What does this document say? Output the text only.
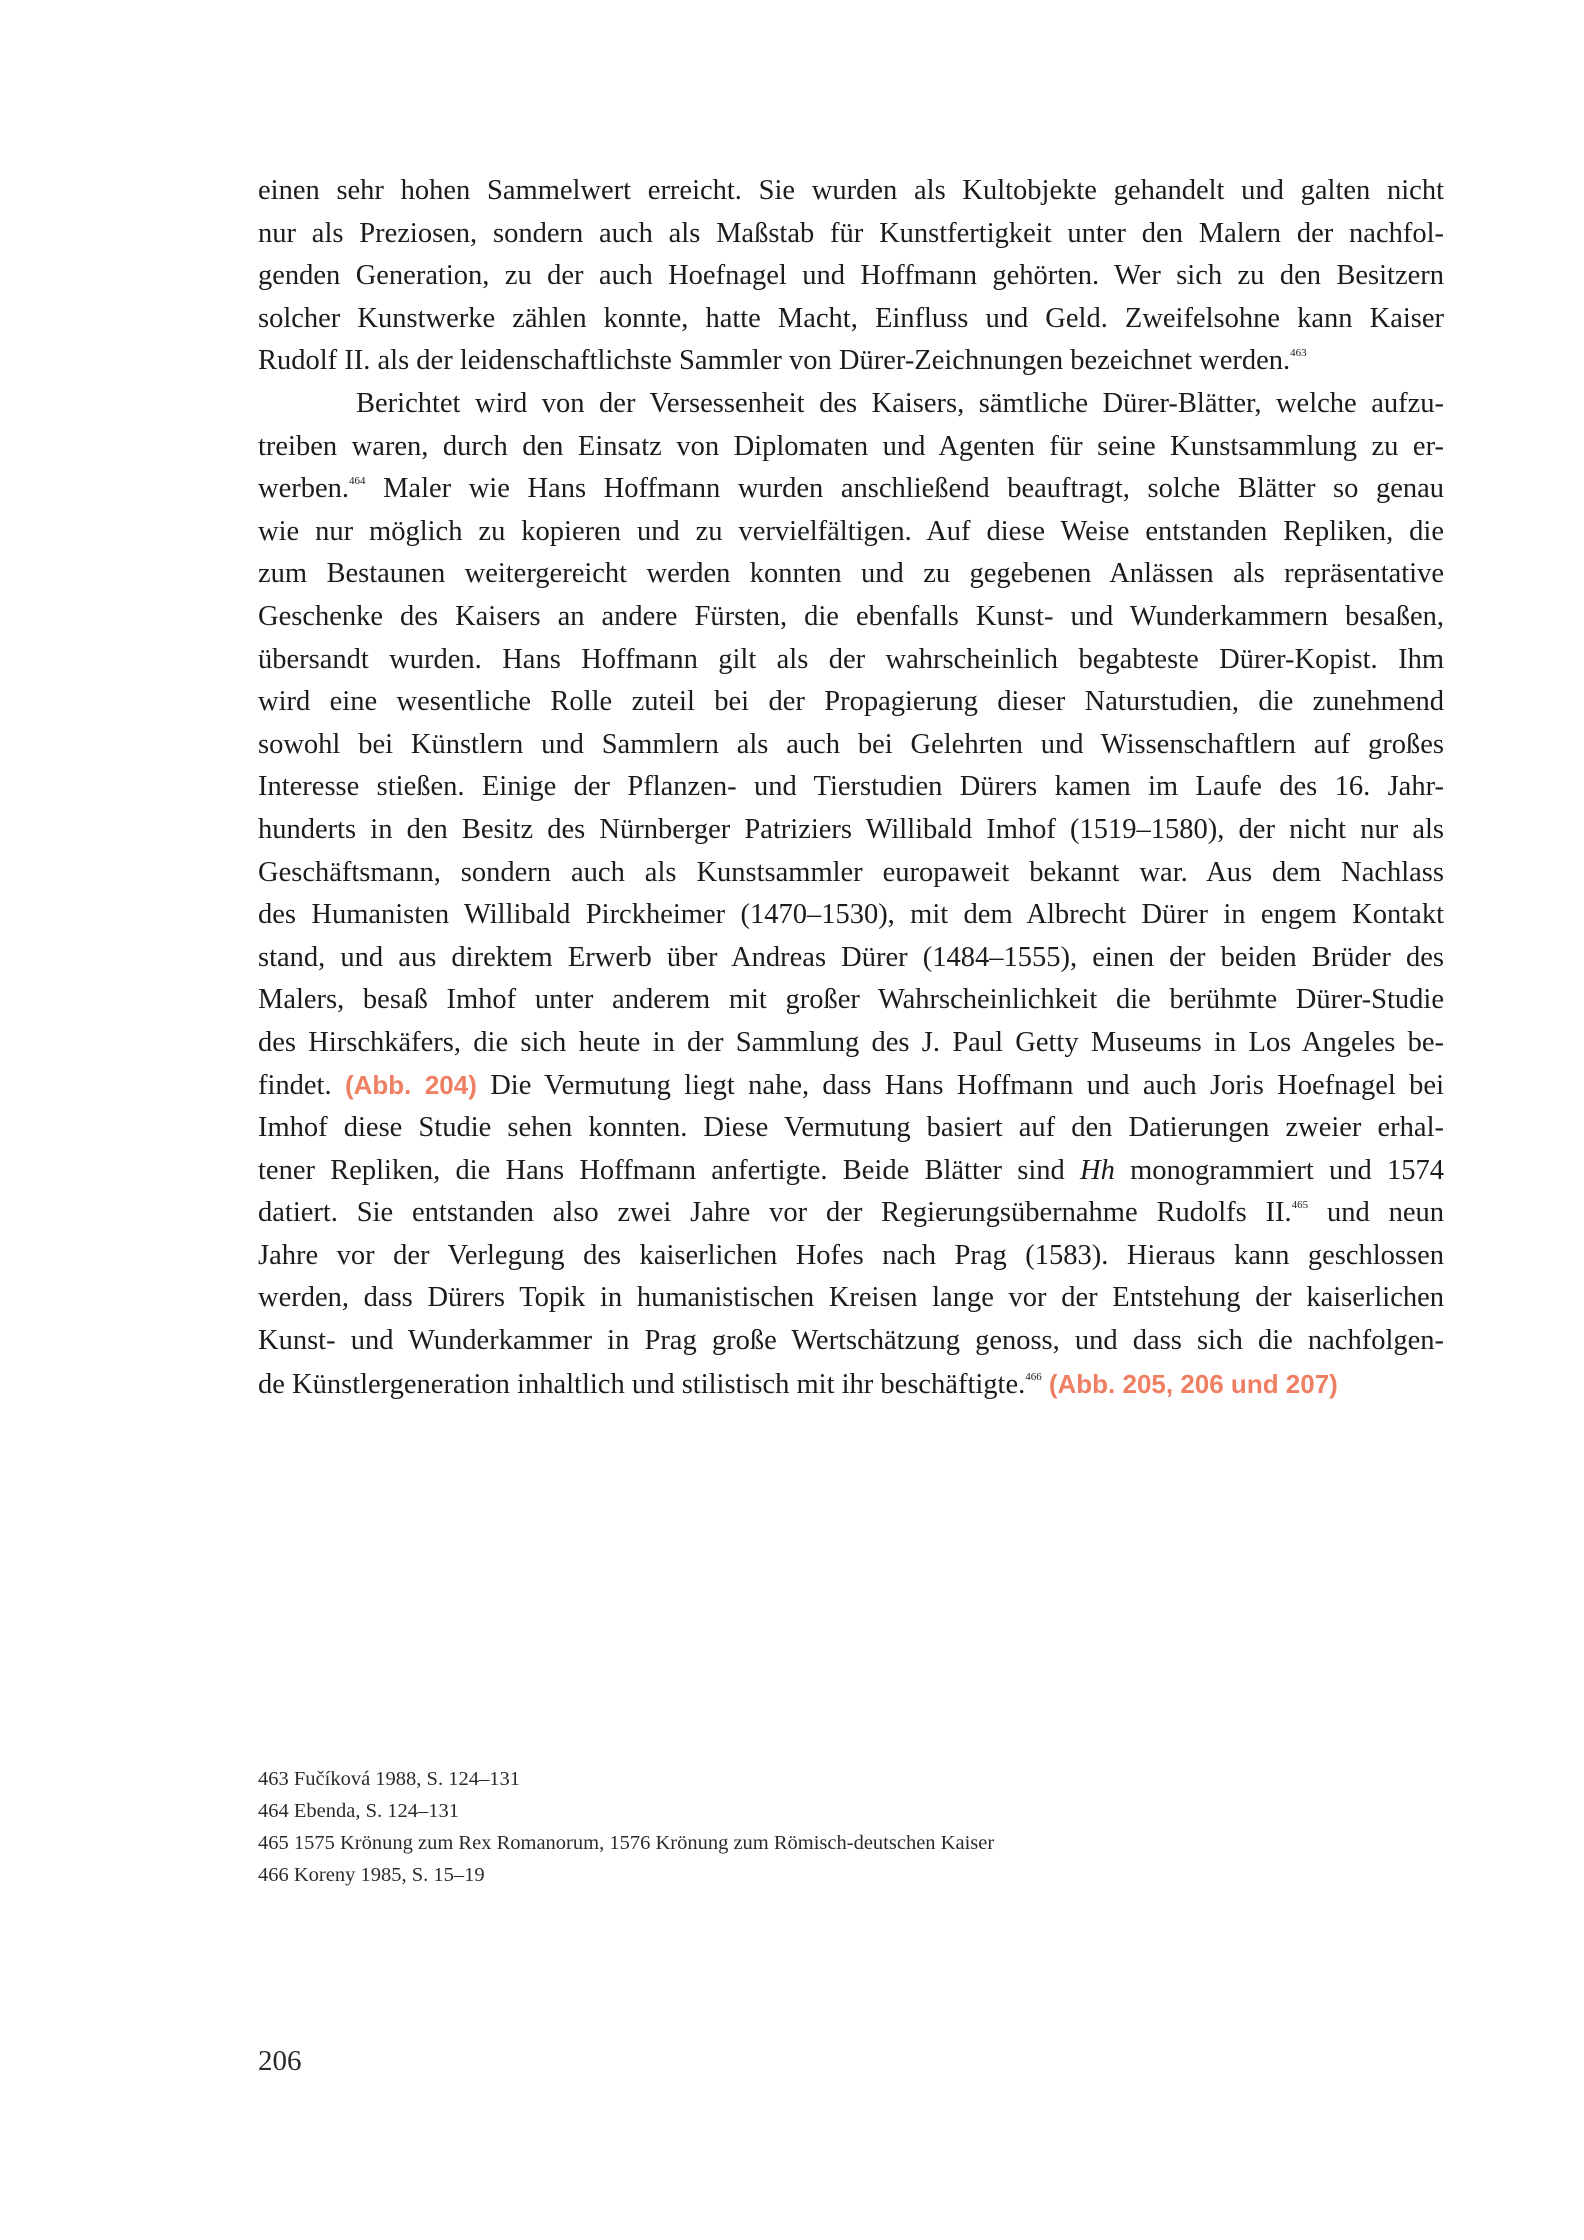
einen sehr hohen Sammelwert erreicht. Sie wurden als Kultobjekte gehandelt und galten nicht
nur als Preziosen, sondern auch als Maßstab für Kunstfertigkeit unter den Malern der nachfol-
genden Generation, zu der auch Hoefnagel und Hoffmann gehörten. Wer sich zu den Besitzern
solcher Kunstwerke zählen konnte, hatte Macht, Einfluss und Geld. Zweifelsohne kann Kaiser
Rudolf II. als der leidenschaftlichste Sammler von Dürer-Zeichnungen bezeichnet werden.$^{463}$
Berichtet wird von der Versessenheit des Kaisers, sämtliche Dürer-Blätter, welche aufzu-
treiben waren, durch den Einsatz von Diplomaten und Agenten für seine Kunstsammlung zu er-
werben.$^{464}$ Maler wie Hans Hoffmann wurden anschließend beauftragt, solche Blätter so genau
wie nur möglich zu kopieren und zu vervielfältigen. Auf diese Weise entstanden Repliken, die
zum Bestaunen weitergereicht werden konnten und zu gegebenen Anlässen als repräsentative
Geschenke des Kaisers an andere Fürsten, die ebenfalls Kunst- und Wunderkammern besaßen,
übersandt wurden. Hans Hoffmann gilt als der wahrscheinlich begabteste Dürer-Kopist. Ihm
wird eine wesentliche Rolle zuteil bei der Propagierung dieser Naturstudien, die zunehmend
sowohl bei Künstlern und Sammlern als auch bei Gelehrten und Wissenschaftlern auf großes
Interesse stießen. Einige der Pflanzen- und Tierstudien Dürers kamen im Laufe des 16. Jahr-
hunderts in den Besitz des Nürnberger Patriziers Willibald Imhof (1519–1580), der nicht nur als
Geschäftsmann, sondern auch als Kunstsammler europaweit bekannt war. Aus dem Nachlass
des Humanisten Willibald Pirckheimer (1470–1530), mit dem Albrecht Dürer in engem Kontakt
stand, und aus direktem Erwerb über Andreas Dürer (1484–1555), einen der beiden Brüder des
Malers, besaß Imhof unter anderem mit großer Wahrscheinlichkeit die berühmte Dürer-Studie
des Hirschkäfers, die sich heute in der Sammlung des J. Paul Getty Museums in Los Angeles be-
findet. (Abb. 204) Die Vermutung liegt nahe, dass Hans Hoffmann und auch Joris Hoefnagel bei
Imhof diese Studie sehen konnten. Diese Vermutung basiert auf den Datierungen zweier erhal-
tener Repliken, die Hans Hoffmann anfertigte. Beide Blätter sind Hh monogrammiert und 1574
datiert. Sie entstanden also zwei Jahre vor der Regierungsübernahme Rudolfs II.$^{465}$ und neun
Jahre vor der Verlegung des kaiserlichen Hofes nach Prag (1583). Hieraus kann geschlossen
werden, dass Dürers Topik in humanistischen Kreisen lange vor der Entstehung der kaiserlichen
Kunst- und Wunderkammer in Prag große Wertschätzung genoss, und dass sich die nachfolgen-
de Künstlergeneration inhaltlich und stilistisch mit ihr beschäftigte.$^{466}$ (Abb. 205, 206 und 207)
463 Fučíková 1988, S. 124–131
464 Ebenda, S. 124–131
465 1575 Krönung zum Rex Romanorum, 1576 Krönung zum Römisch-deutschen Kaiser
466 Koreny 1985, S. 15–19
206
